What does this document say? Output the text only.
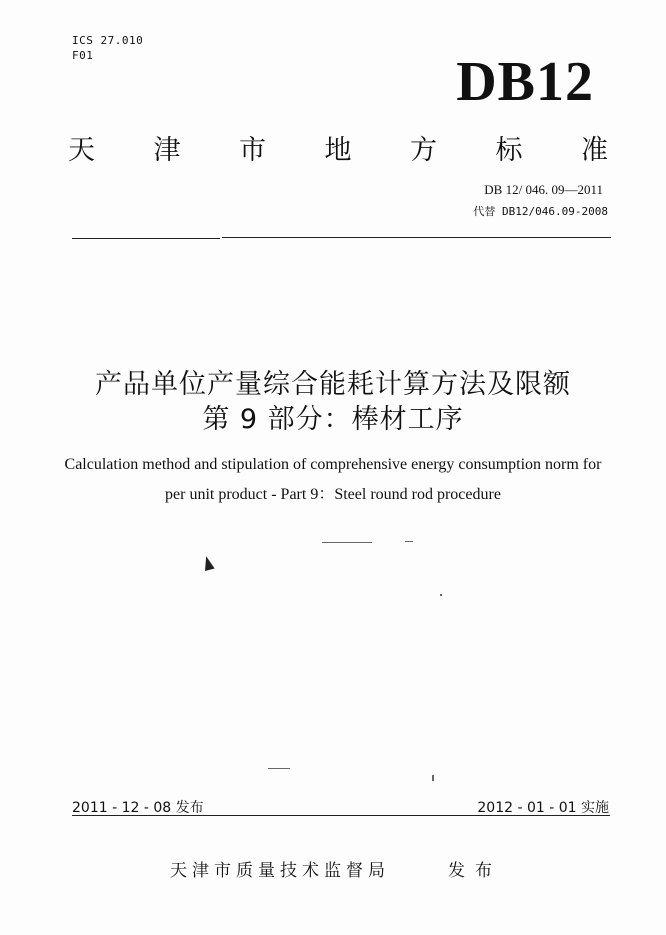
ICS 27.010
F01	DB12
天 津 市 地 方 标 准
DB 12/ 046. 09—2011
代替 DB12/046.09-2008
产品单位产量综合能耗计算方法及限额
第 9 部分：棒材工序
Calculation method and stipulation of comprehensive energy consumption norm for
per unit product - Part 9：Steel round rod procedure
2011 - 12 - 08 发布	2012 - 01 - 01 实施
天津市质量技术监督局	发布
